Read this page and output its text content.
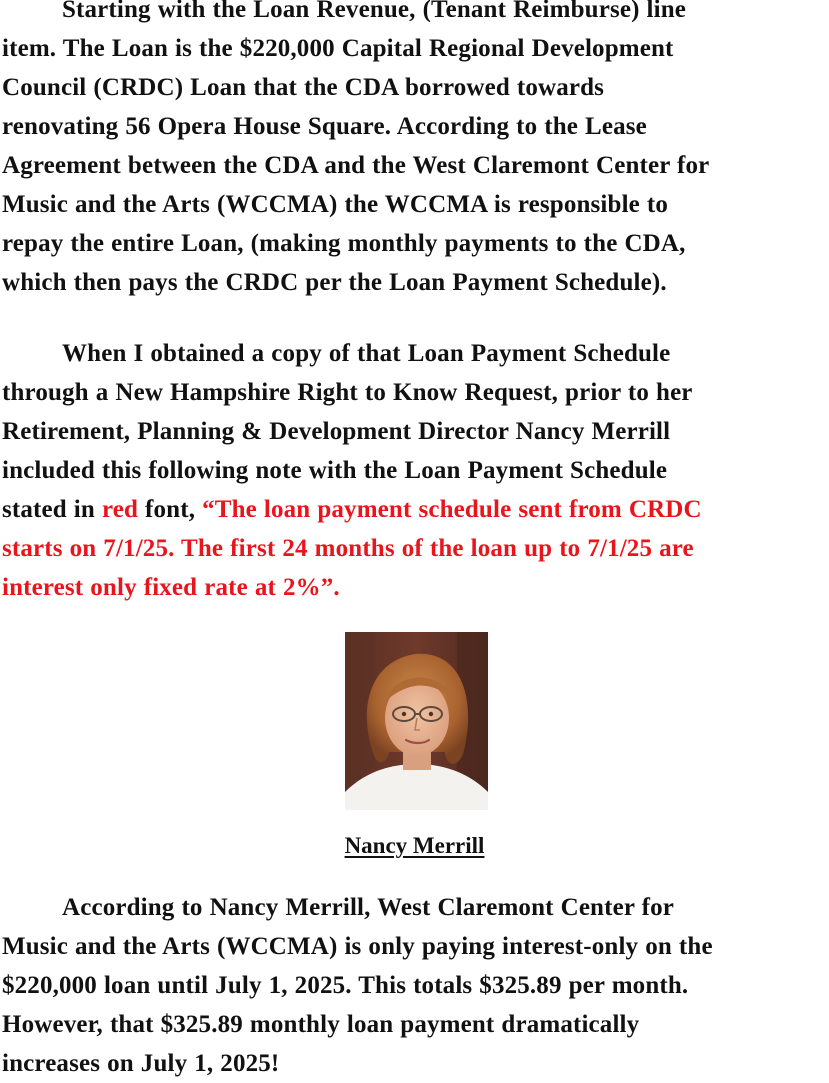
Starting with the Loan Revenue, (Tenant Reimburse) line
item. The Loan is the $220,000 Capital Regional Development
Council (CRDC) Loan that the CDA borrowed towards
renovating 56 Opera House Square. According to the Lease
Agreement between the CDA and the West Claremont Center for
Music and the Arts (WCCMA) the WCCMA is responsible to
repay the entire Loan, (making monthly payments to the CDA,
which then pays the CRDC per the Loan Payment Schedule).

When I obtained a copy of that Loan Payment Schedule
through a New Hampshire Right to Know Request, prior to her
Retirement, Planning & Development Director Nancy Merrill
included this following note with the Loan Payment Schedule
stated in red font, “The loan payment schedule sent from CRDC
starts on 7/1/25. The first 24 months of the loan up to 7/1/25 are
interest only fixed rate at 2%”.

Nancy Merrill

According to Nancy Merrill, West Claremont Center for
Music and the Arts (WCCMA) is only paying interest-only on the
$220,000 loan until July 1, 2025. This totals $325.89 per month.
However, that $325.89 monthly loan payment dramatically
increases on July 1, 2025!
